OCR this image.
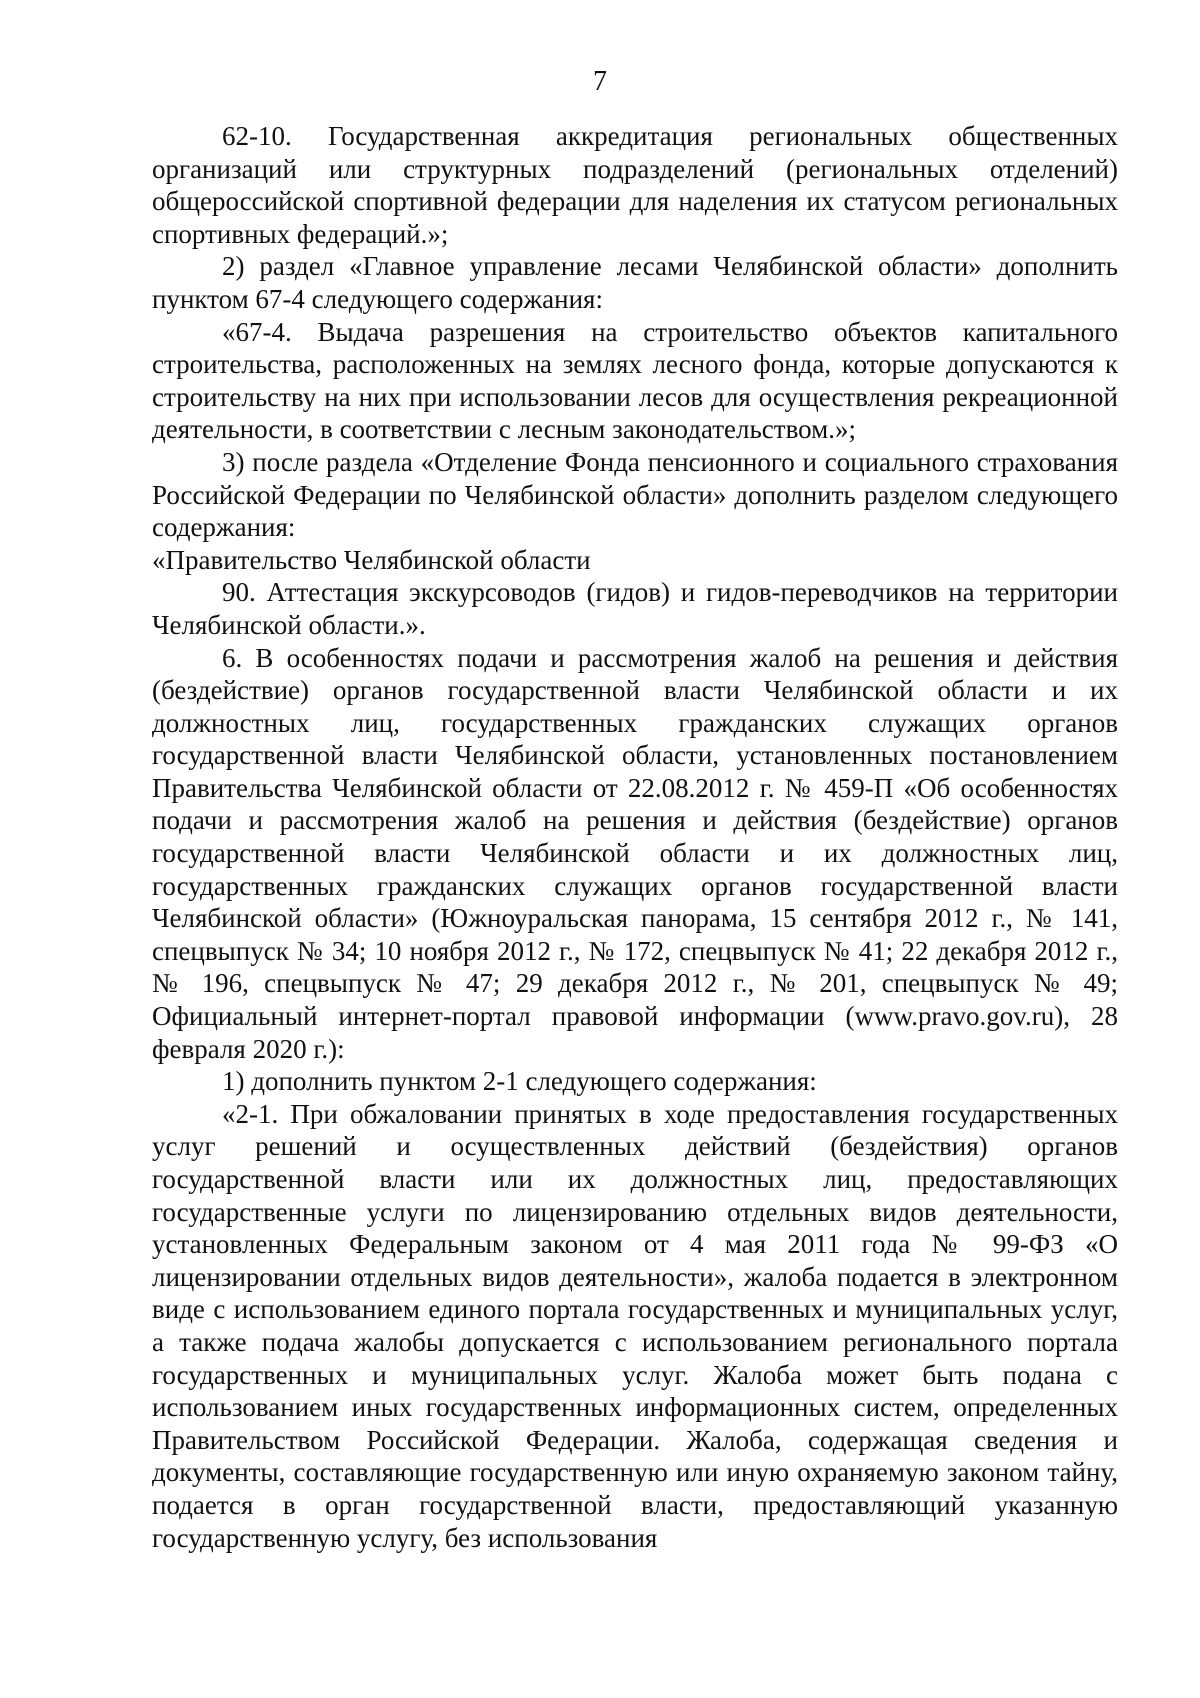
7

62-10. Государственная аккредитация региональных общественных организаций или структурных подразделений (региональных отделений) общероссийской спортивной федерации для наделения их статусом региональных спортивных федераций.»;

2) раздел «Главное управление лесами Челябинской области» дополнить пунктом 67-4 следующего содержания:

«67-4. Выдача разрешения на строительство объектов капитального строительства, расположенных на землях лесного фонда, которые допускаются к строительству на них при использовании лесов для осуществления рекреационной деятельности, в соответствии с лесным законодательством.»;

3) после раздела «Отделение Фонда пенсионного и социального страхования Российской Федерации по Челябинской области» дополнить разделом следующего содержания:

«Правительство Челябинской области

90. Аттестация экскурсоводов (гидов) и гидов-переводчиков на территории Челябинской области.».

6. В особенностях подачи и рассмотрения жалоб на решения и действия (бездействие) органов государственной власти Челябинской области и их должностных лиц, государственных гражданских служащих органов государственной власти Челябинской области, установленных постановлением Правительства Челябинской области от 22.08.2012 г. № 459-П «Об особенностях подачи и рассмотрения жалоб на решения и действия (бездействие) органов государственной власти Челябинской области и их должностных лиц, государственных гражданских служащих органов государственной власти Челябинской области» (Южноуральская панорама, 15 сентября 2012 г., № 141, спецвыпуск № 34; 10 ноября 2012 г., № 172, спецвыпуск № 41; 22 декабря 2012 г., № 196, спецвыпуск № 47; 29 декабря 2012 г., № 201, спецвыпуск № 49; Официальный интернет-портал правовой информации (www.pravo.gov.ru), 28 февраля 2020 г.):

1) дополнить пунктом 2-1 следующего содержания:

«2-1. При обжаловании принятых в ходе предоставления государственных услуг решений и осуществленных действий (бездействия) органов государственной власти или их должностных лиц, предоставляющих государственные услуги по лицензированию отдельных видов деятельности, установленных Федеральным законом от 4 мая 2011 года № 99-ФЗ «О лицензировании отдельных видов деятельности», жалоба подается в электронном виде с использованием единого портала государственных и муниципальных услуг, а также подача жалобы допускается с использованием регионального портала государственных и муниципальных услуг. Жалоба может быть подана с использованием иных государственных информационных систем, определенных Правительством Российской Федерации. Жалоба, содержащая сведения и документы, составляющие государственную или иную охраняемую законом тайну, подается в орган государственной власти, предоставляющий указанную государственную услугу, без использования
